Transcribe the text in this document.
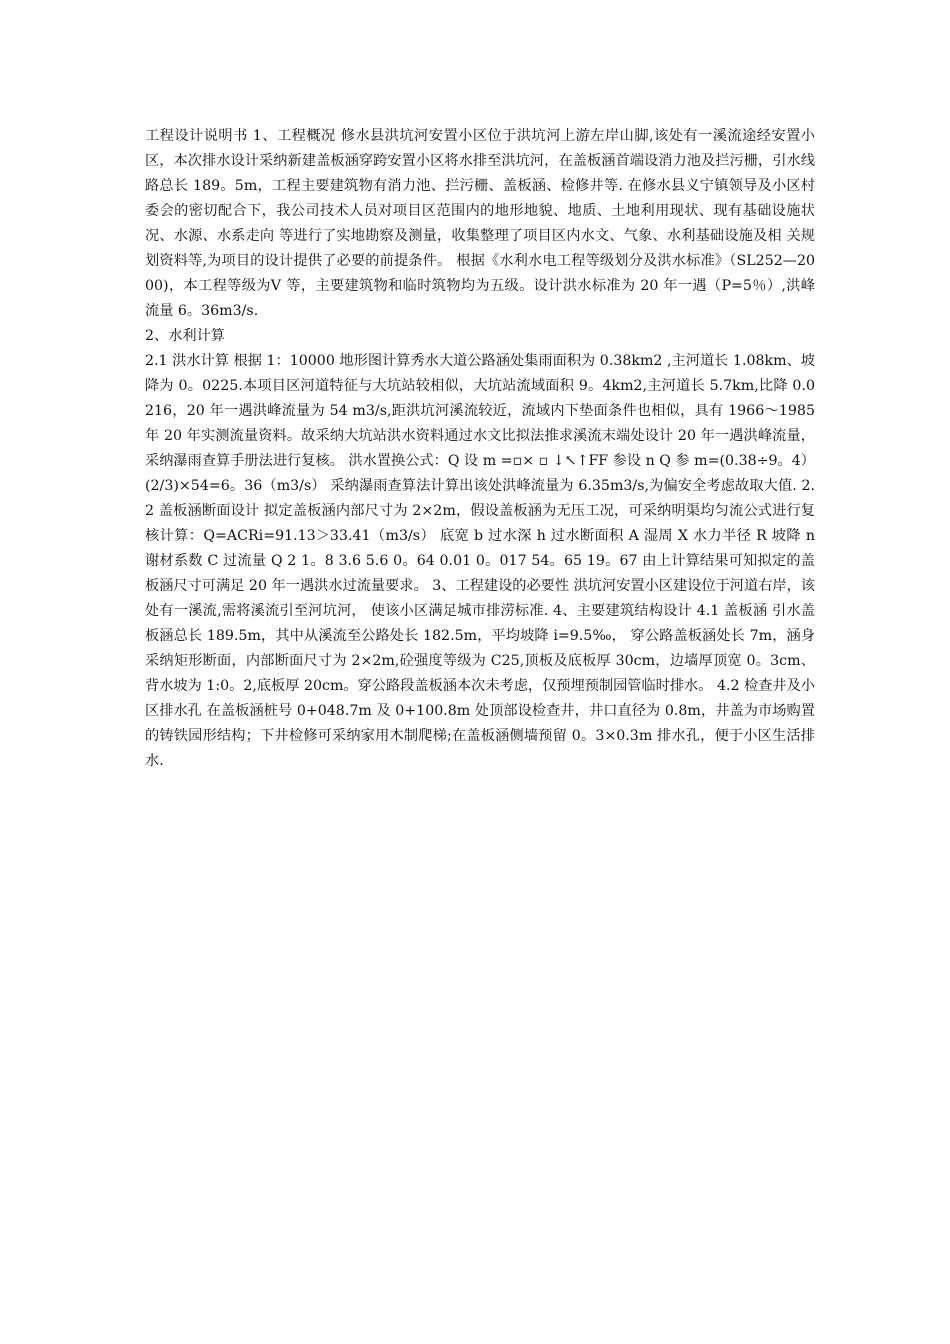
工程设计说明书 1、工程概况 修水县洪坑河安置小区位于洪坑河上游左岸山脚,该处有一溪流途经安置小区，本次排水设计采纳新建盖板涵穿跨安置小区将水排至洪坑河，在盖板涵首端设消力池及拦污栅，引水线路总长 189。5m，工程主要建筑物有消力池、拦污栅、盖板涵、检修井等. 在修水县义宁镇领导及小区村委会的密切配合下，我公司技术人员对项目区范围内的地形地貌、地质、土地利用现状、现有基础设施状况、水源、水系走向 等进行了实地勘察及测量，收集整理了项目区内水文、气象、水利基础设施及相 关规划资料等,为项目的设计提供了必要的前提条件。 根据《水利水电工程等级划分及洪水标准》（SL252—2000)，本工程等级为Ⅴ 等，主要建筑物和临时筑物均为五级。设计洪水标准为 20 年一遇（P=5％）,洪峰 流量 6。36m3/s.

2、水利计算

2.1 洪水计算 根据 1：10000 地形图计算秀水大道公路涵处集雨面积为 0.38km2 ,主河道长 1.08km、坡降为 0。0225.本项目区河道特征与大坑站较相似，大坑站流域面积 9。4km2,主河道长 5.7km,比降 0.0216，20 年一遇洪峰流量为 54 m3/s,距洪坑河溪流较近，流域内下垫面条件也相似，具有 1966～1985 年 20 年实测流量资料。故采纳大坑站洪水资料通过水文比拟法推求溪流末端处设计 20 年一遇洪峰流量，采纳瀑雨查算手册法进行复核。 洪水置换公式：Q 设 m =▫× ▫ ↓↖↑FF 参设 n Q 参 m=(0.38÷9。4）(2/3)×54=6。36（m3/s） 采纳瀑雨查算法计算出该处洪峰流量为 6.35m3/s,为偏安全考虑故取大值. 2.2 盖板涵断面设计 拟定盖板涵内部尺寸为 2×2m，假设盖板涵为无压工况，可采纳明渠均匀流公式进行复核计算：Q=ACRi=91.13＞33.41（m3/s） 底宽 b 过水深 h 过水断面积 A 湿周 X 水力半径 R 坡降 n 谢材系数 C 过流量 Q 2 1。8 3.6 5.6 0。64 0.01 0。017 54。65 19。67 由上计算结果可知拟定的盖板涵尺寸可满足 20 年一遇洪水过流量要求。 3、工程建设的必要性 洪坑河安置小区建设位于河道右岸，该处有一溪流,需将溪流引至河坑河， 使该小区满足城市排涝标准. 4、主要建筑结构设计 4.1 盖板涵 引水盖板涵总长 189.5m，其中从溪流至公路处长 182.5m，平均坡降 i=9.5‰， 穿公路盖板涵处长 7m，涵身采纳矩形断面，内部断面尺寸为 2×2m,砼强度等级为 C25,顶板及底板厚 30cm，边墙厚顶宽 0。3cm、背水坡为 1:0。2,底板厚 20cm。穿公路段盖板涵本次未考虑，仅预埋预制园管临时排水。 4.2 检查井及小区排水孔 在盖板涵桩号 0+048.7m 及 0+100.8m 处顶部设检查井，井口直径为 0.8m，井盖为市场购置的铸铁园形结构；下井检修可采纳家用木制爬梯;在盖板涵侧墙预留 0。3×0.3m 排水孔，便于小区生活排水.
